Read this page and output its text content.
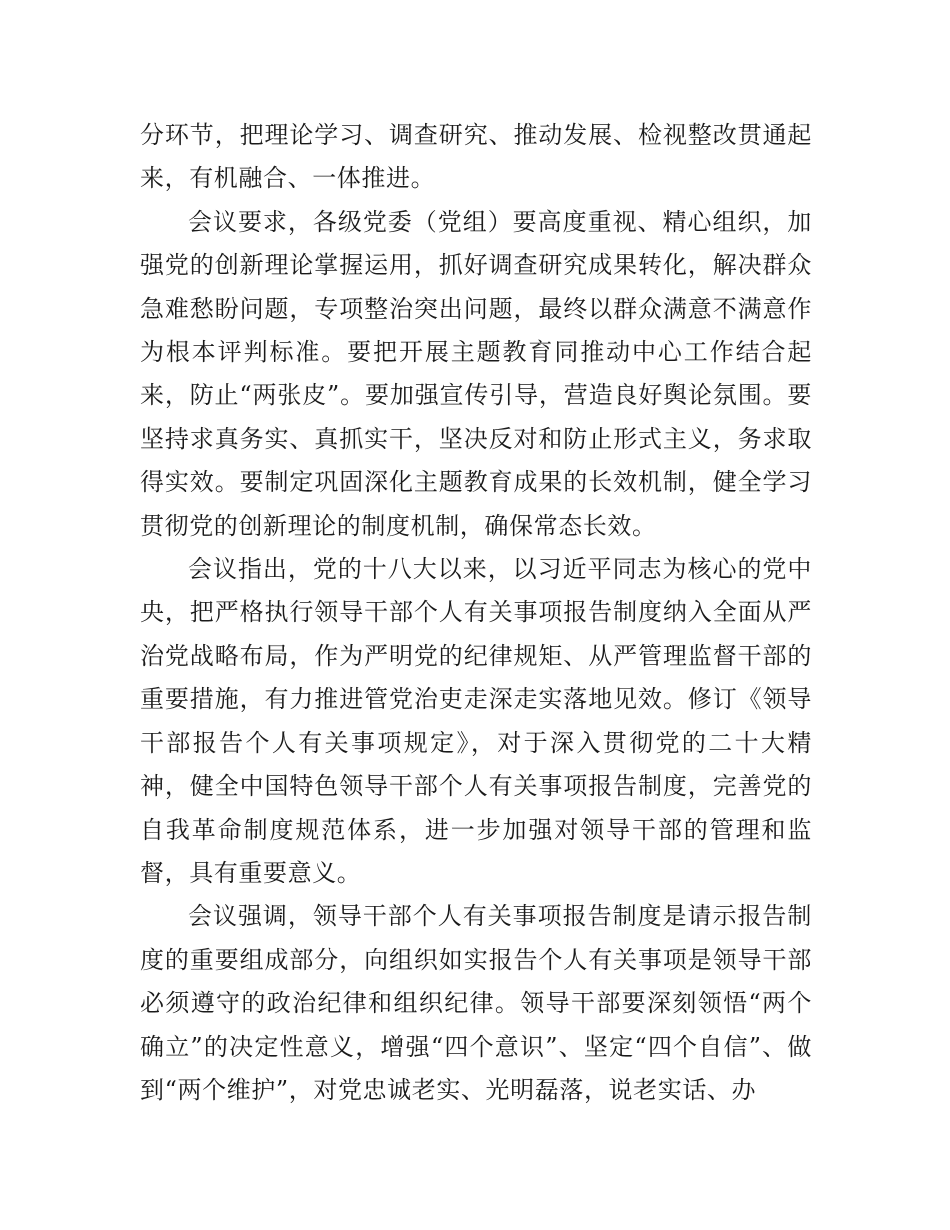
分环节，把理论学习、调查研究、推动发展、检视整改贯通起来，有机融合、一体推进。

会议要求，各级党委（党组）要高度重视、精心组织，加强党的创新理论掌握运用，抓好调查研究成果转化，解决群众急难愁盼问题，专项整治突出问题，最终以群众满意不满意作为根本评判标准。要把开展主题教育同推动中心工作结合起来，防止“两张皮”。要加强宣传引导，营造良好舆论氛围。要坚持求真务实、真抓实干，坚决反对和防止形式主义，务求取得实效。要制定巩固深化主题教育成果的长效机制，健全学习贯彻党的创新理论的制度机制，确保常态长效。

会议指出，党的十八大以来，以习近平同志为核心的党中央，把严格执行领导干部个人有关事项报告制度纳入全面从严治党战略布局，作为严明党的纪律规矩、从严管理监督干部的重要措施，有力推进管党治吏走深走实落地见效。修订《领导干部报告个人有关事项规定》，对于深入贯彻党的二十大精神，健全中国特色领导干部个人有关事项报告制度，完善党的自我革命制度规范体系，进一步加强对领导干部的管理和监督，具有重要意义。

会议强调，领导干部个人有关事项报告制度是请示报告制度的重要组成部分，向组织如实报告个人有关事项是领导干部必须遵守的政治纪律和组织纪律。领导干部要深刻领悟“两个确立”的决定性意义，增强“四个意识”、坚定“四个自信”、做到“两个维护”，对党忠诚老实、光明磊落，说老实话、办
